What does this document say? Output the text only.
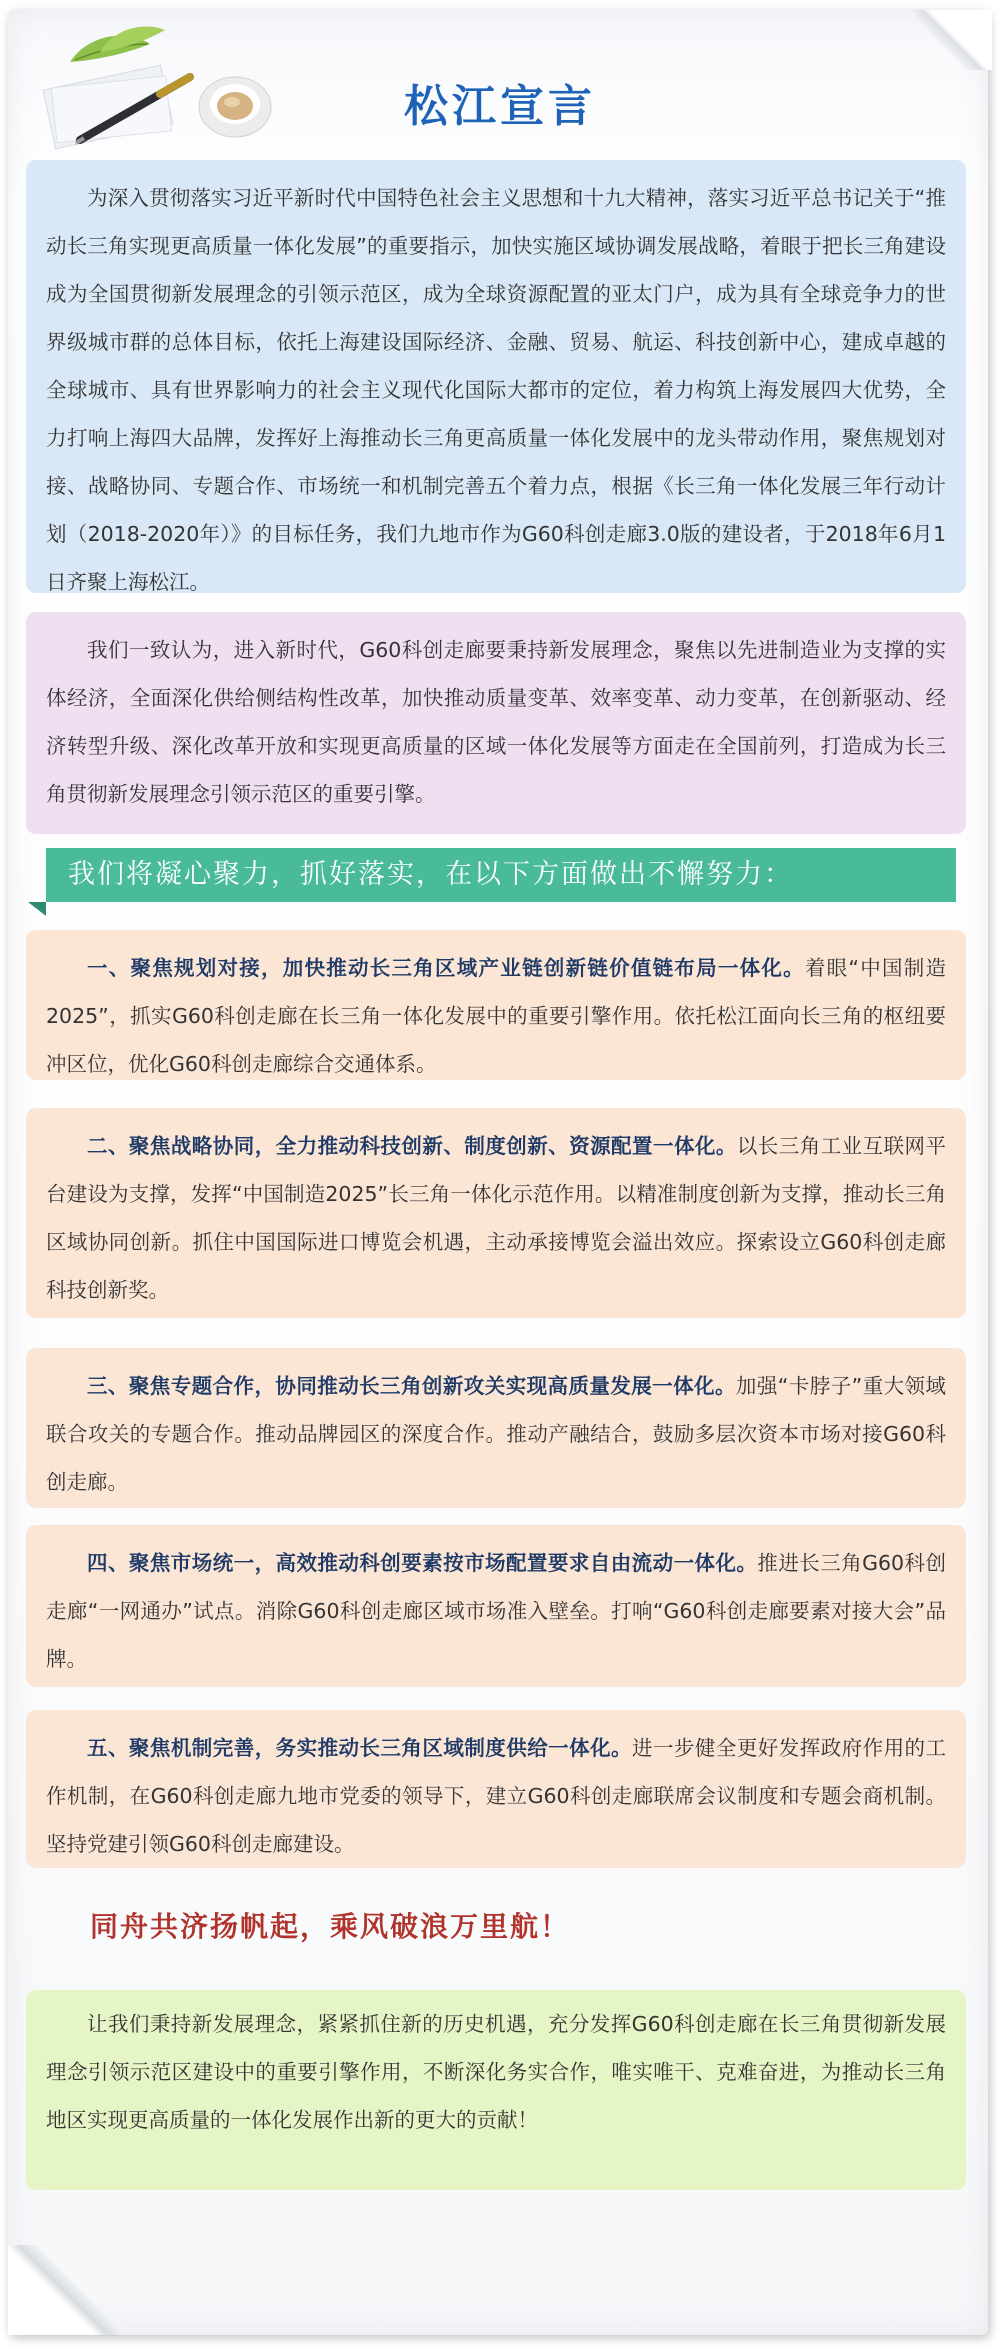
松江宣言

为深入贯彻落实习近平新时代中国特色社会主义思想和十九大精神，落实习近平总书记关于“推动长三角实现更高质量一体化发展”的重要指示，加快实施区域协调发展战略，着眼于把长三角建设成为全国贯彻新发展理念的引领示范区，成为全球资源配置的亚太门户，成为具有全球竞争力的世界级城市群的总体目标，依托上海建设国际经济、金融、贸易、航运、科技创新中心，建成卓越的全球城市、具有世界影响力的社会主义现代化国际大都市的定位，着力构筑上海发展四大优势，全力打响上海四大品牌，发挥好上海推动长三角更高质量一体化发展中的龙头带动作用，聚焦规划对接、战略协同、专题合作、市场统一和机制完善五个着力点，根据《长三角一体化发展三年行动计划（2018-2020年）》的目标任务，我们九地市作为G60科创走廊3.0版的建设者，于2018年6月1日齐聚上海松江。

我们一致认为，进入新时代，G60科创走廊要秉持新发展理念，聚焦以先进制造业为支撑的实体经济，全面深化供给侧结构性改革，加快推动质量变革、效率变革、动力变革，在创新驱动、经济转型升级、深化改革开放和实现更高质量的区域一体化发展等方面走在全国前列，打造成为长三角贯彻新发展理念引领示范区的重要引擎。

我们将凝心聚力，抓好落实，在以下方面做出不懈努力：

一、聚焦规划对接，加快推动长三角区域产业链创新链价值链布局一体化。着眼“中国制造2025”，抓实G60科创走廊在长三角一体化发展中的重要引擎作用。依托松江面向长三角的枢纽要冲区位，优化G60科创走廊综合交通体系。

二、聚焦战略协同，全力推动科技创新、制度创新、资源配置一体化。以长三角工业互联网平台建设为支撑，发挥“中国制造2025”长三角一体化示范作用。以精准制度创新为支撑，推动长三角区域协同创新。抓住中国国际进口博览会机遇，主动承接博览会溢出效应。探索设立G60科创走廊科技创新奖。

三、聚焦专题合作，协同推动长三角创新攻关实现高质量发展一体化。加强“卡脖子”重大领域联合攻关的专题合作。推动品牌园区的深度合作。推动产融结合，鼓励多层次资本市场对接G60科创走廊。

四、聚焦市场统一，高效推动科创要素按市场配置要求自由流动一体化。推进长三角G60科创走廊“一网通办”试点。消除G60科创走廊区域市场准入壁垒。打响“G60科创走廊要素对接大会”品牌。

五、聚焦机制完善，务实推动长三角区域制度供给一体化。进一步健全更好发挥政府作用的工作机制，在G60科创走廊九地市党委的领导下，建立G60科创走廊联席会议制度和专题会商机制。坚持党建引领G60科创走廊建设。

同舟共济扬帆起，乘风破浪万里航！

让我们秉持新发展理念，紧紧抓住新的历史机遇，充分发挥G60科创走廊在长三角贯彻新发展理念引领示范区建设中的重要引擎作用，不断深化务实合作，唯实唯干、克难奋进，为推动长三角地区实现更高质量的一体化发展作出新的更大的贡献！
